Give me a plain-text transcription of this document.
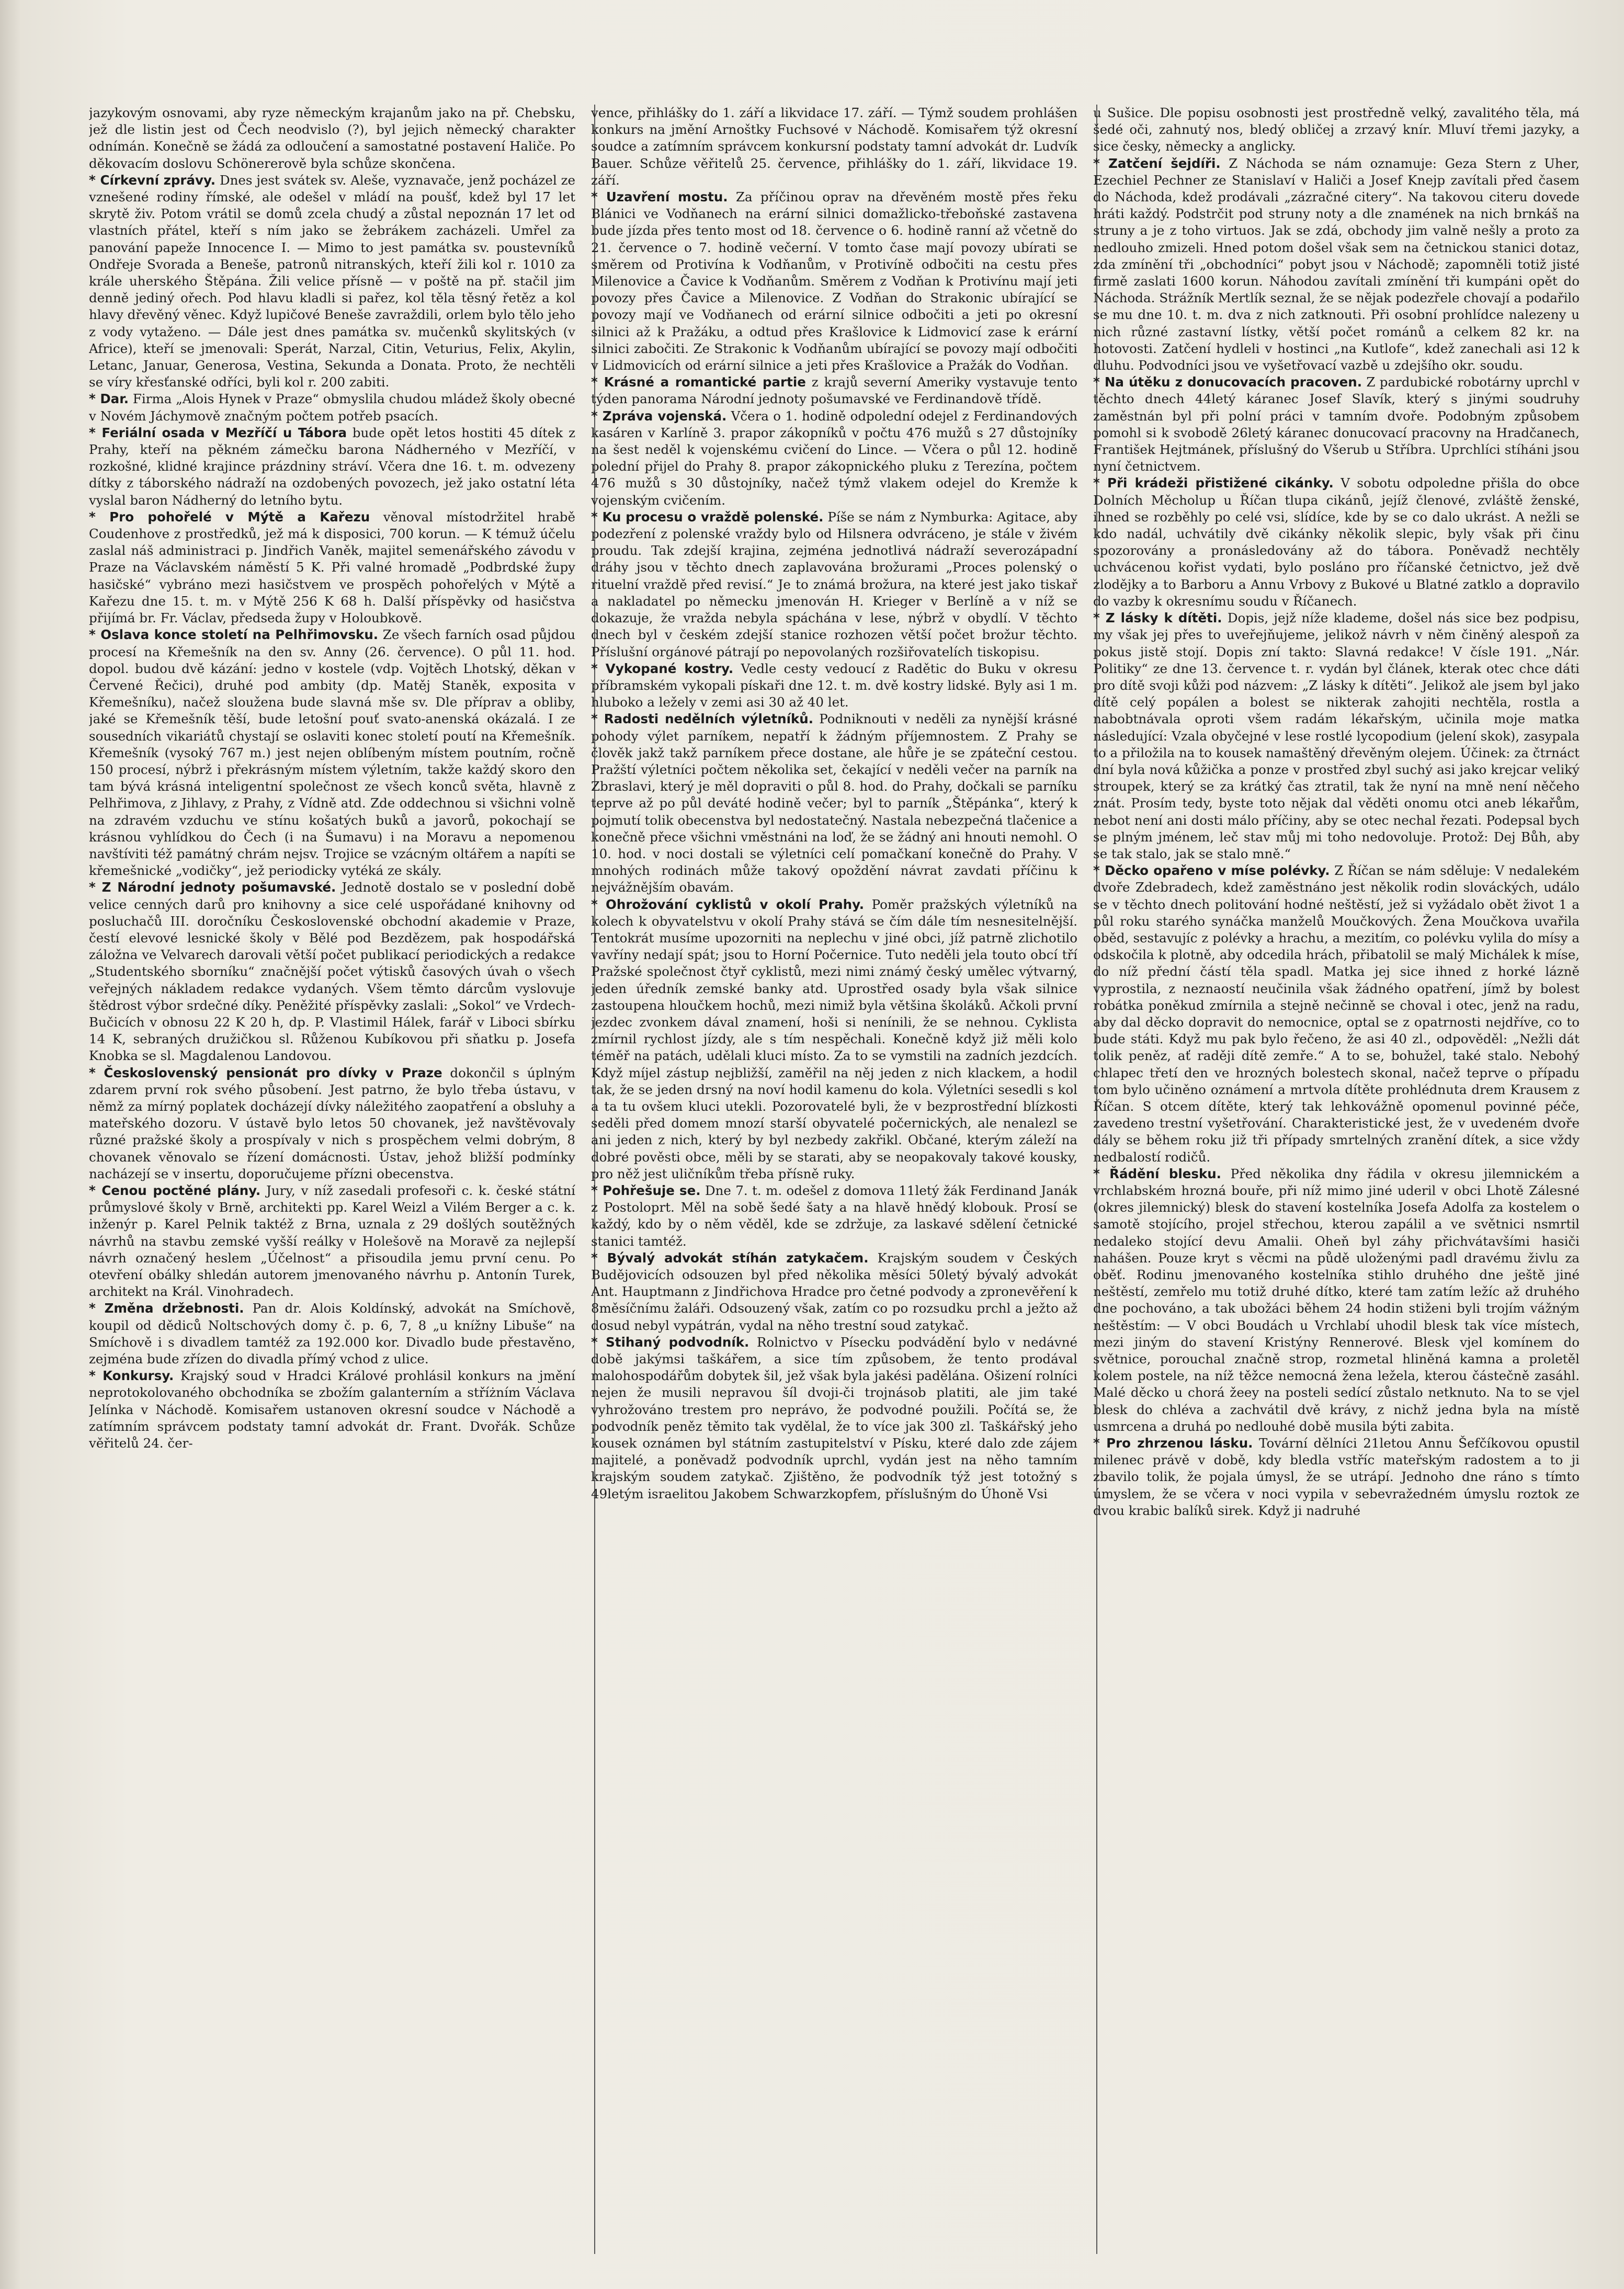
jazykovým osnovami, aby ryze německým krajanům jako na př. Chebsku, jež dle listin jest od Čech neodvislo (?), byl jejich německý charakter odnímán. Konečně se žádá za odloučení a samostatné postavení Haliče. Po děkovacím doslovu Schönererově byla schůze skončena.

* Církevní zprávy. Dnes jest svátek sv. Alešе, vyznavače, jenž pocházel ze vznešené rodiny římské, ale odešel v mládí na poušť, kdež byl 17 let skrytě živ. Potom vrátil se domů zcela chudý a zůstal nepoznán 17 let od vlastních přátel, kteří s ním jako se žebrákem zacházeli. Umřel za panování papeže Innocence I. — Mimo to jest památka sv. poustevníků Ondřeje Svorada a Beneše, patronů nitranských, kteří žili kol r. 1010 za krále uherského Štěpána. Žili velice přísně — v poště na př. stačil jim denně jediný ořech. Pod hlavu kladli si pařez, kol těla těsný řetěz a kol hlavy dřevěný věnec. Když lupičové Beneše zavraždili, orlem bylo tělo jeho z vody vytaženo. — Dále jest dnes památka sv. mučenků skylitských (v Africe), kteří se jmenovali: Sperát, Narzal, Citin, Veturius, Felix, Akylin, Letanc, Januar, Generosa, Vestina, Sekunda a Donata. Proto, že nechtěli se víry křesťanské odříci, byli kol r. 200 zabiti.

* Dar. Firma „Alois Hynek v Praze“ obmyslila chudou mládež školy obecné v Novém Jáchymově značným počtem potřeb psacích.

* Feriální osada v Mezříčí u Tábora bude opět letos hostiti 45 dítek z Prahy, kteří na pěkném zámečku barona Nádherného v Mezříčí, v rozkošné, klidné krajince prázdniny stráví. Včera dne 16. t. m. odvezeny dítky z táborského nádraží na ozdobených povozech, jež jako ostatní léta vyslal baron Nádherný do letního bytu.

* Pro pohořelé v Mýtě a Kařezu věnoval místodržitel hrabě Coudenhove z prostředků, jež má k disposici, 700 korun. — K témuž účelu zaslal náš administraci p. Jindřich Vaněk, majitel semenářského závodu v Praze na Václavském náměstí 5 K. Při valné hromadě „Podbrdské župy hasičské“ vybráno mezi hasičstvem ve prospěch pohořelých v Mýtě a Kařezu dne 15. t. m. v Mýtě 256 K 68 h. Další příspěvky od hasičstva přijímá br. Fr. Václav, předseda župy v Holoubkově.

* Oslava konce století na Pelhřimovsku. Ze všech farních osad půjdou procesí na Křemešník na den sv. Anny (26. července). O půl 11. hod. dopol. budou dvě kázání: jedno v kostele (vdp. Vojtěch Lhotský, děkan v Červené Řečici), druhé pod ambity (dp. Matěj Staněk, exposita v Křemešníku), načež sloužena bude slavná mše sv. Dle příprav a obliby, jaké se Křemešník těší, bude letošní pouť svato-anenská okázalá. I ze sousedních vikariátů chystají se oslaviti konec století poutí na Křemešník. Křemešník (vysoký 767 m.) jest nejen oblíbeným místem poutním, ročně 150 procesí, nýbrž i překrásným místem výletním, takže každý skoro den tam bývá krásná inteligentní společnost ze všech konců světa, hlavně z Pelhřimova, z Jihlavy, z Prahy, z Vídně atd. Zde oddechnou si všichni volně na zdravém vzduchu ve stínu košatých buků a javorů, pokochají se krásnou vyhlídkou do Čech (i na Šumavu) i na Moravu a nepomenou navštíviti též památný chrám nejsv. Trojice se vzácným oltářem a napíti se křemešnické „vodičky“, jež periodicky vytéká ze skály.

* Z Národní jednoty pošumavské. Jednotě dostalo se v poslední době velice cenných darů pro knihovny a sice celé uspořádané knihovny od posluchačů III. doročníku Československé obchodní akademie v Praze, čestí elevové lesnické školy v Bělé pod Bezdězem, pak hospodářská záložna ve Velvarech darovali větší počet publikací periodických a redakce „Studentského sborníku“ značnější počet výtisků časových úvah o všech veřejných nákladem redakce vydaných. Všem těmto dárcům vyslovuje štědrost výbor srdečné díky. Peněžité příspěvky zaslali: „Sokol“ ve Vrdech-Bučicích v obnosu 22 K 20 h, dp. P. Vlastimil Hálek, farář v Liboci sbírku 14 K, sebraných družičkou sl. Růženou Kubíkovou při sňatku p. Josefa Knobka se sl. Magdalenou Landovou.

* Československý pensionát pro dívky v Praze dokončil s úplným zdarem první rok svého působení. Jest patrno, že bylo třeba ústavu, v němž za mírný poplatek docházejí dívky náležitého zaopatření a obsluhy a mateřského dozoru. V ústavě bylo letos 50 chovanek, jež navštěvovaly různé pražské školy a prospívaly v nich s prospěchem velmi dobrým, 8 chovanek věnovalo se řízení domácnosti. Ústav, jehož bližší podmínky nacházejí se v insertu, doporučujeme přízni obecenstva.

* Cenou poctěné plány. Jury, v níž zasedali profesoři c. k. české státní průmyslové školy v Brně, architekti pp. Karel Weizl a Vilém Berger a c. k. inženýr p. Karel Pelnik taktéž z Brna, uznala z 29 došlých soutěžných návrhů na stavbu zemské vyšší reálky v Holešově na Moravě za nejlepší návrh označený heslem „Účelnost“ a přisoudila jemu první cenu. Po otevření obálky shledán autorem jmenovaného návrhu p. Antonín Turek, architekt na Král. Vinohradech.

* Změna držebnosti. Pan dr. Alois Koldínský, advokát na Smíchově, koupil od dědiců Noltschových domy č. p. 6, 7, 8 „u knížny Libuše“ na Smíchově i s divadlem tamtéž za 192.000 kor. Divadlo bude přestavěno, zejména bude zřízen do divadla přímý vchod z ulice.

* Konkursy. Krajský soud v Hradci Králové prohlásil konkurs na jmění neprotokolovaného obchodníka se zbožím galanterním a stříżním Václava Jelínka v Náchodě. Komisařem ustanoven okresní soudce v Náchodě a zatímním správcem podstaty tamní advokát dr. Frant. Dvořák. Schůze věřitelů 24. čer-

vence, přihlášky do 1. září a likvidace 17. září. — Týmž soudem prohlášen konkurs na jmění Arnoštky Fuchsové v Náchodě. Komisařem týž okresní soudce a zatímním správcem konkursní podstaty tamní advokát dr. Ludvík Bauer. Schůze věřitelů 25. července, přihlášky do 1. září, likvidace 19. září.

* Uzavření mostu. Za příčinou oprav na dřevěném mostě přes řeku Blánici ve Vodňanech na erární silnici domažlicko-třeboňské zastavena bude jízda přes tento most od 18. července o 6. hodině ranní až včetně do 21. července o 7. hodině večerní. V tomto čase mají povozy ubírati se směrem od Protivína k Vodňanům, v Protivíně odbočiti na cestu přes Milenovice a Čavice k Vodňanům. Směrem z Vodňan k Protivínu mají jeti povozy přes Čavice a Milenovice. Z Vodňan do Strakonic ubírající se povozy mají ve Vodňanech od erární silnice odbočiti a jeti po okresní silnici až k Pražáku, a odtud přes Krašlovice k Lidmovicí zase k erární silnici zabočiti. Ze Strakonic k Vodňanům ubírající se povozy mají odbočiti v Lidmovicích od erární silnice a jeti přes Krašlovice a Pražák do Vodňan.

* Krásné a romantické partie z krajů severní Ameriky vystavuje tento týden panorama Národní jednoty pošumavské ve Ferdinandově třídě.

* Zpráva vojenská. Včera o 1. hodině odpolední odejel z Ferdinandových kasáren v Karlíně 3. prapor zákopníků v počtu 476 mužů s 27 důstojníky na šest neděl k vojenskému cvičení do Lince. — Včera o půl 12. hodině polední přijel do Prahy 8. prapor zákopnického pluku z Terezína, počtem 476 mužů s 30 důstojníky, načež týmž vlakem odejel do Kremže k vojenským cvičením.

* Ku procesu o vraždě polenské. Píše se nám z Nymburka: Agitace, aby podezření z polenské vraždy bylo od Hilsnera odvráceno, je stále v živém proudu. Tak zdejší krajina, zejména jednotlivá nádraží severozápadní dráhy jsou v těchto dnech zaplavována brožurami „Proces polenský o rituelní vraždě před revisí.“ Je to známá brožura, na které jest jako tiskař a nakladatel po německu jmenován H. Krieger v Berlíně a v níž se dokazuje, že vražda nebyla spáchána v lese, nýbrž v obydlí. V těchto dnech byl v českém zdejší stanice rozhozen větší počet brožur těchto. Příslušní orgánové pátrají po nepovolaných rozšiřovatelích tiskopisu.

* Vykopané kostry. Vedle cesty vedoucí z Radětic do Buku v okresu příbramském vykopali pískaři dne 12. t. m. dvě kostry lidské. Byly asi 1 m. hluboko a ležely v zemi asi 30 až 40 let.

* Radosti nedělních výletníků. Podniknouti v neděli za nynější krásné pohody výlet parníkem, nepatří k žádným příjemnostem. Z Prahy se člověk jakž takž parníkem přece dostane, ale hůře je se zpáteční cestou. Pražští výletníci počtem několika set, čekající v neděli večer na parník na Zbraslavi, který je měl dopraviti o půl 8. hod. do Prahy, dočkali se parníku teprve až po půl deváté hodině večer; byl to parník „Štěpánka“, který k pojmutí tolik obecenstva byl nedostatečný. Nastala nebezpečná tlačenice a konečně přece všichni vměstnáni na loď, že se žádný ani hnouti nemohl. O 10. hod. v noci dostali se výletníci celí pomačkaní konečně do Prahy. V mnohých rodinách může takový opoždění návrat zavdati příčinu k nejvážnějším obavám.

* Ohrožování cyklistů v okolí Prahy. Poměr pražských výletníků na kolech k obyvatelstvu v okolí Prahy stává se čím dále tím nesnesitelnější. Tentokrát musíme upozorniti na neplechu v jiné obci, jíž patrně zlichotilo vavříny nedají spát; jsou to Horní Počernice. Tuto neděli jela touto obcí tří Pražské společnost čtyř cyklistů, mezi nimi známý český umělec výtvarný, jeden úředník zemské banky atd. Uprostřed osady byla však silnice zastoupena hloučkem hochů, mezi nimiž byla většina školáků. Ačkoli první jezdec zvonkem dával znamení, hoši si nenínili, že se nehnou. Cyklista zmírnil rychlost jízdy, ale s tím nespěchali. Konečně když již měli kolo téměř na patách, udělali kluci místo. Za to se vymstili na zadních jezdcích. Když míjel zástup nejbližší, zaměřil na něj jeden z nich klackem, a hodil tak, že se jeden drsný na noví hodil kamenu do kola. Výletníci sesedli s kol a ta tu ovšem kluci utekli. Pozorovatelé byli, že v bezprostřední blízkosti seděli před domem mnozí starší obyvatelé počernických, ale nenalezl se ani jeden z nich, který by byl nezbedy zakřikl. Občané, kterým záleží na dobré pověsti obce, měli by se starati, aby se neopakovaly takové kousky, pro něž jest uličníkům třeba přísně ruky.

* Pohřešuje se. Dne 7. t. m. odešel z domova 11letý žák Ferdinand Janák z Postoloprt. Měl na sobě šedé šaty a na hlavě hnědý klobouk. Prosí se každý, kdo by o něm věděl, kde se zdržuje, za laskavé sdělení četnické stanici tamtéž.

* Bývalý advokát stíhán zatykačem. Krajským soudem v Českých Budějovicích odsouzen byl před několika měsíci 50letý bývalý advokát Ant. Hauptmann z Jindřichova Hradce pro četné podvody a zpronevěření k 8měsíčnímu žaláři. Odsouzený však, zatím co po rozsudku prchl a ježto až dosud nebyl vypátrán, vydal na něho trestní soud zatykač.

* Stihaný podvodník. Rolnictvo v Písecku podvádění bylo v nedávné době jakýmsi taškářem, a sice tím způsobem, že tento prodával malohospodářům dobytek šil, jež však byla jakési padělána. Ošizení rolníci nejen že musili nepravou šíl dvoji-či trojnásob platiti, ale jim také vyhrožováno trestem pro neprávo, že podvodné použili. Počítá se, že podvodník peněz těmito tak vydělal, že to více jak 300 zl. Taškářský jeho kousek oznámen byl státním zastupitelství v Písku, které dalo zde zájem majitelé, a poněvadž podvodník uprchl, vydán jest na něho tamním krajským soudem zatykač. Zjištěno, že podvodník týž jest totožný s 49letým israelitou Jakobem Schwarzkopfem, příslušným do Úhoně Vsi

u Sušice. Dle popisu osobnosti jest prostředně velký, zavalitého těla, má šedé oči, zahnutý nos, bledý obličej a zrzavý knír. Mluví třemi jazyky, a sice česky, německy a anglicky.

* Zatčení šejdíři. Z Náchoda se nám oznamuje: Geza Stern z Uher, Ezechiel Pechner ze Stanislaví v Haliči a Josef Knejp zavítali před časem do Náchoda, kdež prodávali „zázračné citery“. Na takovou citeru dovede hráti každý. Podstrčit pod struny noty a dle znamének na nich brnkáš na struny a je z toho virtuos. Jak se zdá, obchody jim valně nešly a proto za nedlouho zmizeli. Hned potom došel však sem na četnickou stanici dotaz, zda zmínění tři „obchodníci“ pobyt jsou v Náchodě; zapomněli totiž jisté firmě zaslati 1600 korun. Náhodou zavítali zmínění tři kumpáni opět do Náchoda. Strážník Mertlík seznal, že se nějak podezřele chovají a podařilo se mu dne 10. t. m. dva z nich zatknouti. Při osobní prohlídce nalezeny u nich různé zastavní lístky, větší počet románů a celkem 82 kr. na hotovosti. Zatčení hydleli v hostinci „na Kutlofe“, kdež zanechali asi 12 k dluhu. Podvodníci jsou ve vyšetřovací vazbě u zdejšího okr. soudu.

* Na útěku z donucovacích pracoven. Z pardubické robotárny uprchl v těchto dnech 44letý káranec Josef Slavík, který s jinými soudruhy zaměstnán byl při polní práci v tamním dvoře. Podobným způsobem pomohl si k svobodě 26letý káranec donucovací pracovny na Hradčanech, František Hejtmánek, příslušný do Všerub u Stříbra. Uprchlíci stíháni jsou nyní četnictvem.

* Při krádeži přistižené cikánky. V sobotu odpoledne přišla do obce Dolních Měcholup u Říčan tlupa cikánů, jejíž členové, zvláště ženské, ihned se rozběhly po celé vsi, slídíce, kde by se co dalo ukrást. A nežli se kdo nadál, uchvátily dvě cikánky několik slepic, byly však při činu spozorovány a pronásledovány až do tábora. Poněvadž nechtěly uchvácenou kořist vydati, bylo posláno pro říčanské četnictvo, jež dvě zlodějky a to Barboru a Annu Vrbovy z Bukové u Blatné zatklo a dopravilo do vazby k okresnímu soudu v Říčanech.

* Z lásky k dítěti. Dopis, jejž níže klademe, došel nás sice bez podpisu, my však jej přes to uveřejňujeme, jelikož návrh v něm činěný alespoň za pokus jistě stojí. Dopis zní takto: Slavná redakce! V čísle 191. „Nár. Politiky“ ze dne 13. července t. r. vydán byl článek, kterak otec chce dáti pro dítě svoji kůži pod názvem: „Z lásky k dítěti“. Jelikož ale jsem byl jako dítě celý popálen a bolest se nikterak zahojiti nechtěla, rostla a nabobtnávala oproti všem radám lékařským, učinila moje matka následující: Vzala obyčejné v lese rostlé lycopodium (jelení skok), zasypala to a přiložila na to kousek namaštěný dřevěným olejem. Účinek: za čtrnáct dní byla nová kůžička a ponze v prostřed zbyl suchý asi jako krejcar veliký stroupek, který se za krátký čas ztratil, tak že nyní na mně není něčeho znát. Prosím tedy, byste toto nějak dal věděti onomu otci aneb lékařům, nebot není ani dosti málo příčiny, aby se otec nechal řezati. Podepsal bych se plným jménem, leč stav můj mi toho nedovoluje. Protož: Dej Bůh, aby se tak stalo, jak se stalo mně.“

* Děcko opařeno v míse polévky. Z Říčan se nám sděluje: V nedalekém dvoře Zdebradech, kdež zaměstnáno jest několik rodin slováckých, událo se v těchto dnech politování hodné neštěstí, jež si vyžádalo obět život 1 a půl roku starého synáčka manželů Moučkových. Žena Moučkova uvařila oběd, sestavujíc z polévky a hrachu, a mezitím, co polévku vylila do mísy a odskočila k plotně, aby odcedila hrách, přibatolil se malý Michálek k míse, do níž přední částí těla spadl. Matka jej sice ihned z horké lázně vyprostila, z neznaostí neučinila však žádného opatření, jímž by bolest robátka poněkud zmírnila a stejně nečinně se choval i otec, jenž na radu, aby dal děcko dopravit do nemocnice, optal se z opatrnosti nejdříve, co to bude státi. Když mu pak bylo řečeno, že asi 40 zl., odpověděl: „Nežli dát tolik peněz, ať raději dítě zemře.“ A to se, bohužel, také stalo. Nebohý chlapec třetí den ve hrozných bolestech skonal, načež teprve o případu tom bylo učiněno oznámení a mrtvola dítěte prohlédnuta drem Krausem z Říčan. S otcem dítěte, který tak lehkovážně opomenul povinné péče, zavedeno trestní vyšetřování. Charakteristické jest, že v uvedeném dvoře dály se během roku již tři případy smrtelných zranění dítek, a sice vždy nedbalostí rodičů.

* Řádění blesku. Před několika dny řádila v okresu jilemnickém a vrchlabském hrozná bouře, při níž mimo jiné uderil v obci Lhotě Zálesné (okres jilemnický) blesk do stavení kostelníka Josefa Adolfa za kostelem o samotě stojícího, projel střechou, kterou zapálil a ve světnici nsmrtil nedaleko stojící devu Amalii. Oheň byl záhy přichvátavšími hasiči nahášen. Pouze kryt s věcmi na půdě uloženými padl dravému živlu za oběť. Rodinu jmenovaného kostelníka stihlo druhého dne ještě jiné neštěstí, zemřelo mu totiž druhé dítko, které tam zatím ležíc až druhého dne pochováno, a tak ubožáci během 24 hodin stiženi byli trojím vážným neštěstím: — V obci Boudách u Vrchlabí uhodil blesk tak více místech, mezi jiným do stavení Kristýny Rennerové. Blesk vjel komínem do světnice, porouchal značně strop, rozmetal hliněná kamna a proletěl kolem postele, na níž těžce nemocná žena ležela, kterou částečně zasáhl. Malé děcko u chorá žeey na posteli sedící zůstalo netknuto. Na to se vjel blesk do chléva a zachvátil dvě krávy, z nichž jedna byla na místě usmrcena a druhá po nedlouhé době musila býti zabita.

* Pro zhrzenou lásku. Tovární dělníci 21letou Annu Šefčíkovou opustil milenec právě v době, kdy bledla vstříc mateřským radostem a to ji zbavilo tolik, že pojala úmysl, že se utrápí. Jednoho dne ráno s tímto úmyslem, že se včera v noci vypila v sebevražedném úmyslu roztok ze dvou krabic balíků sirek. Když ji nadruhé
